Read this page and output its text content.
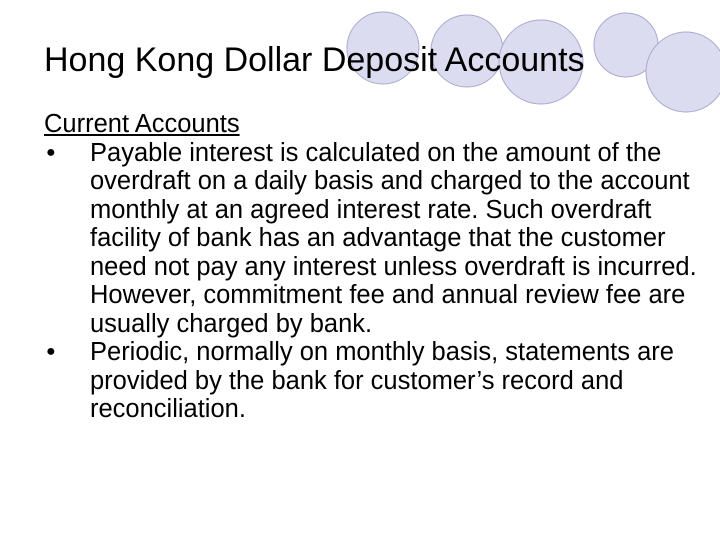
Hong Kong Dollar Deposit Accounts
Current Accounts
● Payable interest is calculated on the amount of the overdraft on a daily basis and charged to the account monthly at an agreed interest rate. Such overdraft facility of bank has an advantage that the customer need not pay any interest unless overdraft is incurred. However, commitment fee and annual review fee are usually charged by bank.
● Periodic, normally on monthly basis, statements are provided by the bank for customer’s record and reconciliation.
